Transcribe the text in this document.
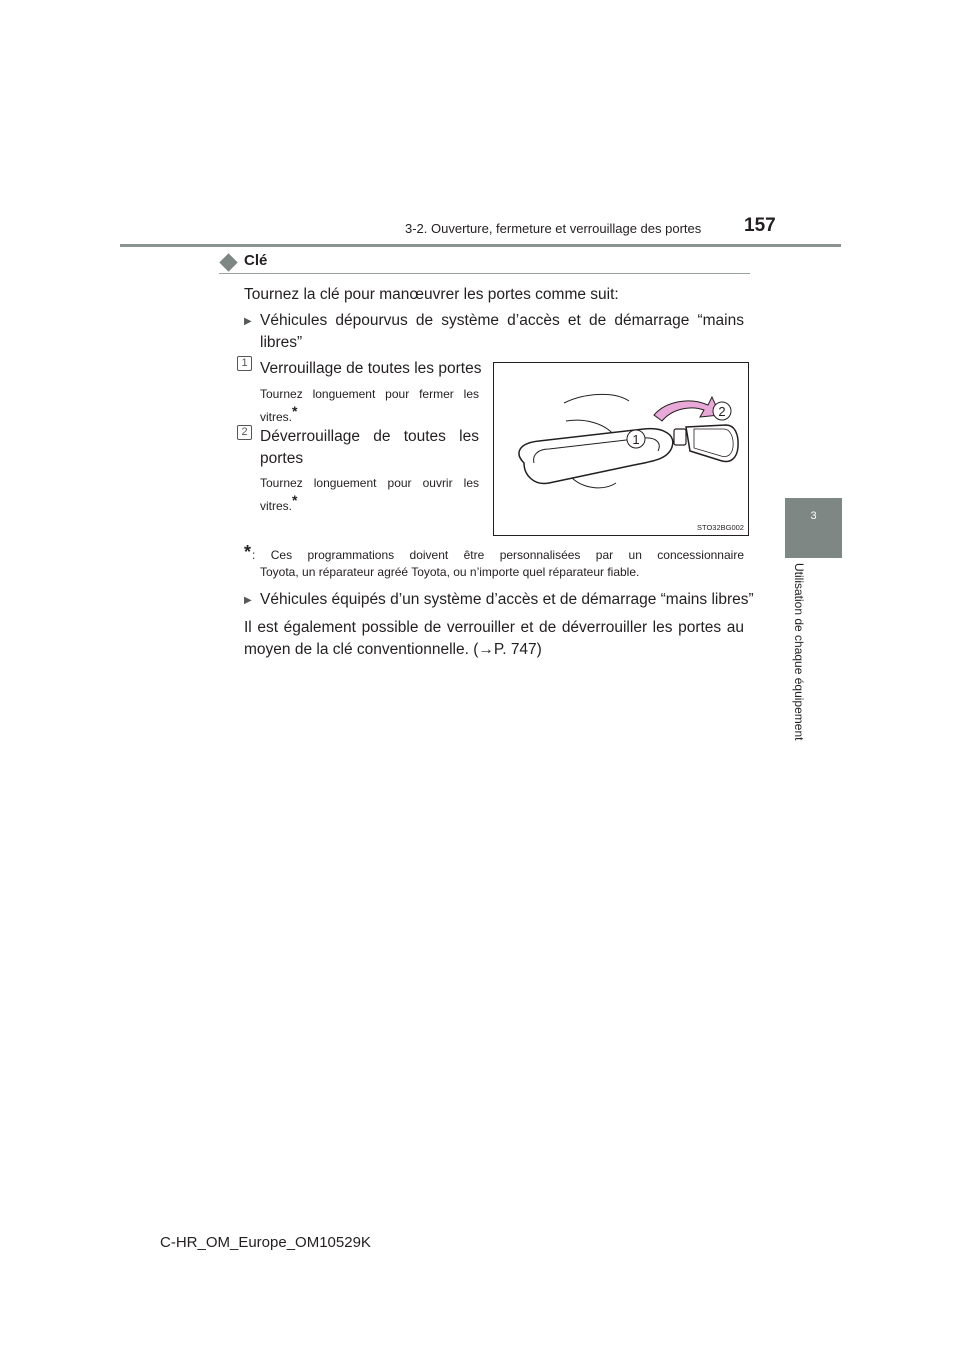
3-2. Ouverture, fermeture et verrouillage des portes 157
3
Utilisation de chaque équipement
Clé
Tournez la clé pour manœuvrer les portes comme suit:
▶ Véhicules dépourvus de système d’accès et de démarrage “mains
libres”
1 Verrouillage de toutes les portes
Tournez longuement pour fermer les
vitres.*
2 Déverrouillage de toutes les
portes
Tournez longuement pour ouvrir les
vitres.*
1
2
STO32BG002
* : Ces programmations doivent être personnalisées par un concessionnaire
Toyota, un réparateur agréé Toyota, ou n’importe quel réparateur fiable.
▶ Véhicules équipés d’un système d’accès et de démarrage “mains libres”
Il est également possible de verrouiller et de déverrouiller les portes au
moyen de la clé conventionnelle. (→P. 747)
C-HR_OM_Europe_OM10529K
